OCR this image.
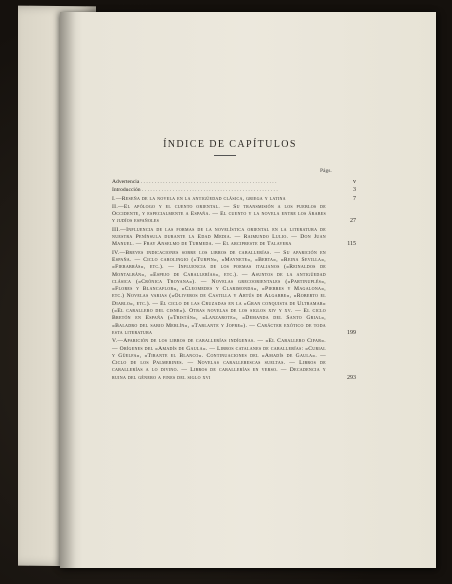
ÍNDICE DE CAPÍTULOS
Págs.
Advertencia .................................................	v
Introducción .................................................	3
I.—Reseña de la novela en la antigüedad clásica, griega y latina	7
II.—El apólogo y el cuento oriental. — Su transmisión a los pueblos de Occidente, y especialmente a España. — El cuento y la novela entre los árabes y judíos españoles	27
III.—Influencia de las formas de la novelística oriental en la literatura de nuestra Península durante la Edad Media. — Raimundo Lulio. — Don Juan Manuel. — Fray Anselmo de Turmeda. — El arcipreste de Talavera	115
IV.—Breves indicaciones sobre los libros de caballerías. — Su aparición en España. — Ciclo carolingio («Turpin», «Maynete», «Berta», «Reina Sevilla», «Fierabrás», etc.). — Influencia de los poemas italianos («Reinaldos de Montalbán», «Espejo de Caballerías», etc.). — Asuntos de la antigüedad clásica («Crónica Troyana»). — Novelas grecoorientales («Partinuplés», «Flores y Blancaflor», «Cleomedes y Clarimonda», «Pierres y Magalona», etc.) Novelas varias («Oliveros de Castilla y Artús de Algarbe», «Roberto el Diablo», etc.). — El ciclo de las Cruzadas en la «Gran conquista de Ultramar» («El caballero del cisne»). Otras novelas de los siglos xiv y xv. — El ciclo Bretón en España («Tristán», «Lanzarote», «Demanda del Santo Grial», «Baladro del sabio Merlín», «Tablante y Jofre»). — Carácter exótico de toda esta literatura	199
V.—Aparición de los libros de caballerías indígenas. — «El Caballero Cifar». — Orígenes del «Amadís de Gaula». — Libros catalanes de caballerías: «Curial y Güelfa», «Tirante el Blanco». Continuaciones del «Amadís de Gaula». — Ciclo de los Palmerines. — Novelas caballerescas sueltas. — Libros de caballerías a lo divino. — Libros de caballerías en verso. — Decadencia y ruina del género a fines del siglo xvi	293
